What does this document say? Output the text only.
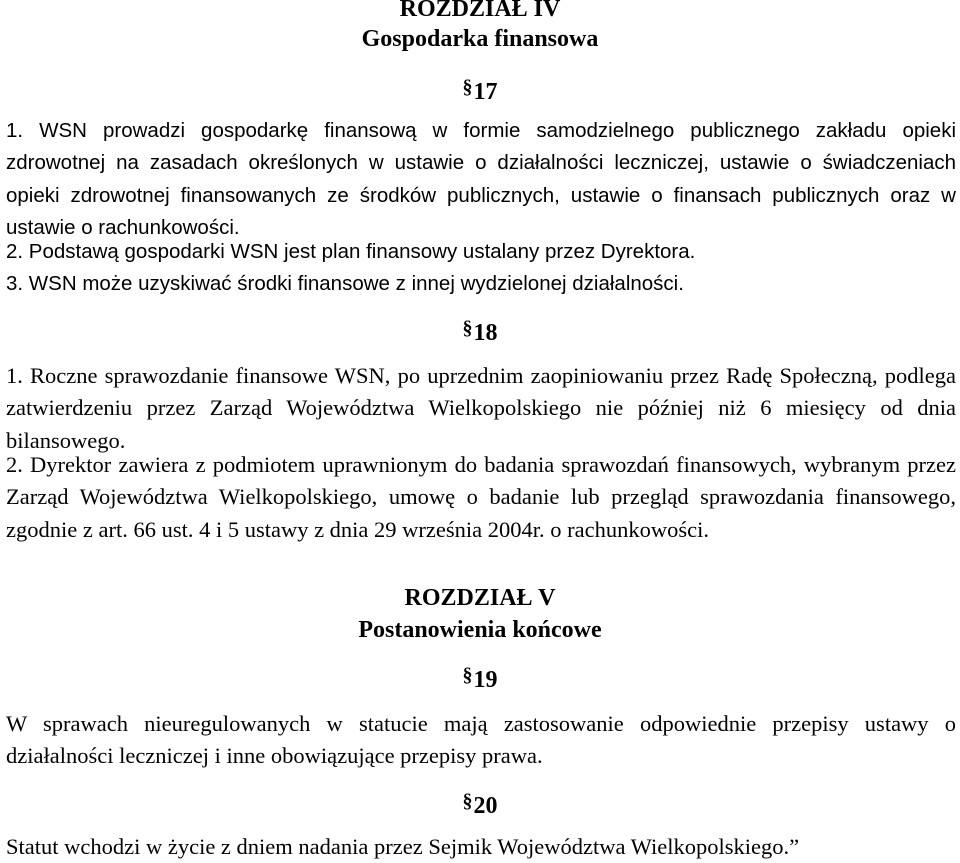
ROZDZIAŁ IV
Gospodarka finansowa
§17

1. WSN prowadzi gospodarkę finansową w formie samodzielnego publicznego zakładu opieki zdrowotnej na zasadach określonych w ustawie o działalności leczniczej, ustawie o świadczeniach opieki zdrowotnej finansowanych ze środków publicznych, ustawie o finansach publicznych oraz w ustawie o rachunkowości.

2. Podstawą gospodarki WSN jest plan finansowy ustalany przez Dyrektora.
3. WSN może uzyskiwać środki finansowe z innej wydzielonej działalności.
§18

1. Roczne sprawozdanie finansowe WSN, po uprzednim zaopiniowaniu przez Radę Społeczną, podlega zatwierdzeniu przez Zarząd Województwa Wielkopolskiego nie później niż 6 miesięcy od dnia bilansowego.

2. Dyrektor zawiera z podmiotem uprawnionym do badania sprawozdań finansowych, wybranym przez Zarząd Województwa Wielkopolskiego, umowę o badanie lub przegląd sprawozdania finansowego, zgodnie z art. 66 ust. 4 i 5 ustawy z dnia 29 września 2004r. o rachunkowości.

ROZDZIAŁ V
Postanowienia końcowe
§19

W sprawach nieuregulowanych w statucie mają zastosowanie odpowiednie przepisy ustawy o działalności leczniczej i inne obowiązujące przepisy prawa.

§20
Statut wchodzi w życie z dniem nadania przez Sejmik Województwa Wielkopolskiego.”
